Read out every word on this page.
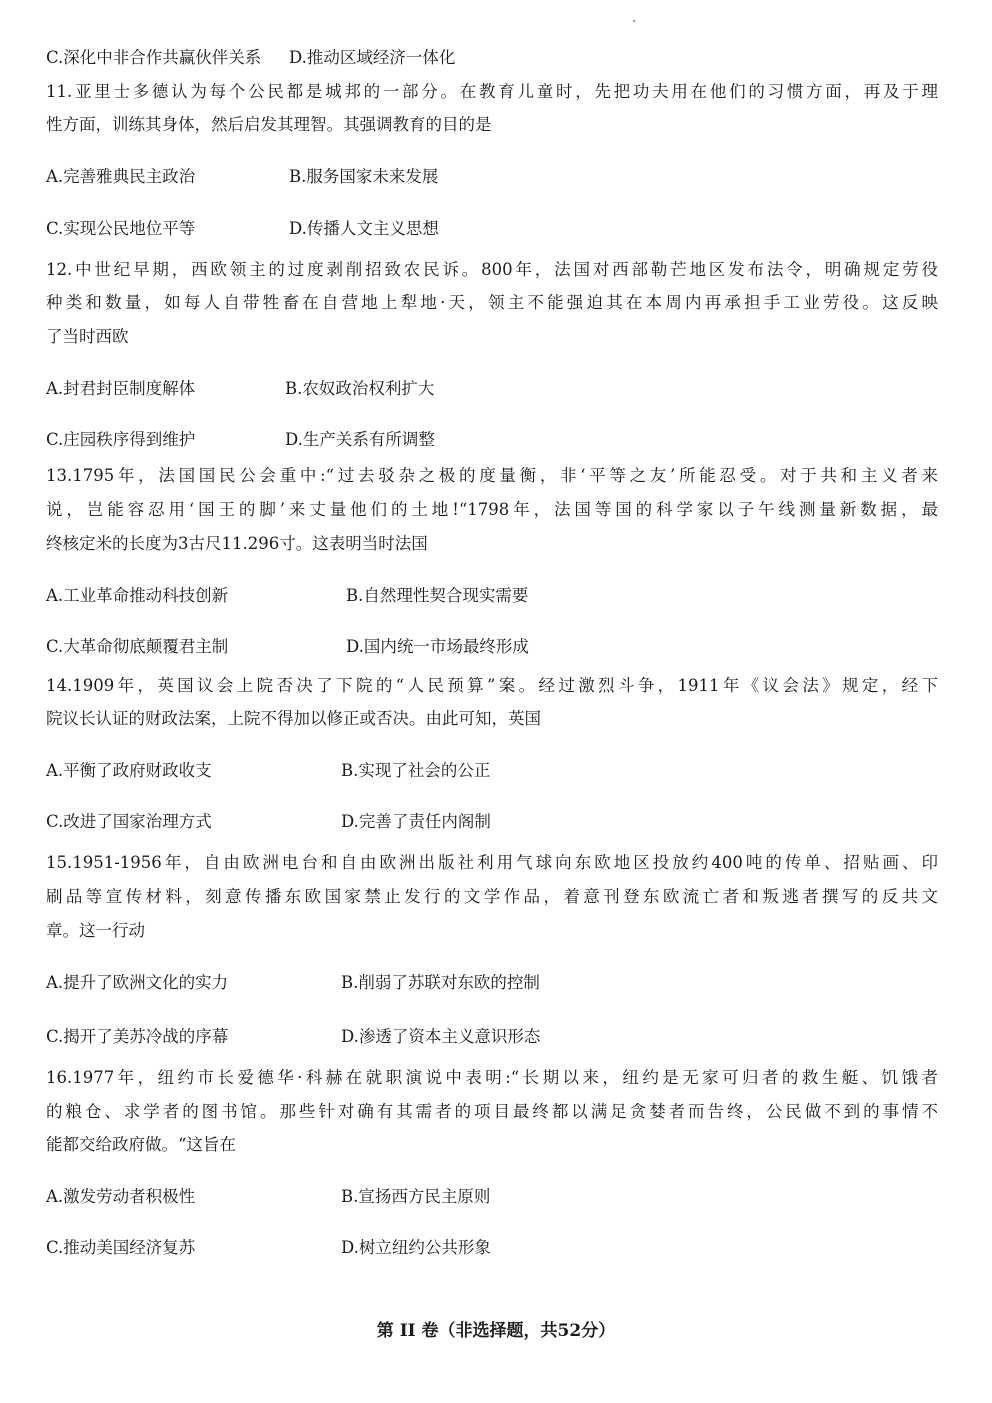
C.深化中非合作共赢伙伴关系 D.推动区域经济一体化
11.亚里士多德认为每个公民都是城邦的一部分。在教育儿童时，先把功夫用在他们的习惯方面，再及于理
性方面，训练其身体，然后启发其理智。其强调教育的目的是
A.完善雅典民主政治	B.服务国家未来发展
C.实现公民地位平等	D.传播人文主义思想
12.中世纪早期，西欧领主的过度剥削招致农民诉。800年，法国对西部勒芒地区发布法令，明确规定劳役
种类和数量，如每人自带牲畜在自营地上犁地·天，领主不能强迫其在本周内再承担手工业劳役。这反映
了当时西欧
A.封君封臣制度解体	B.农奴政治权利扩大
C.庄园秩序得到维护	D.生产关系有所调整
13.1795年，法国国民公会重中:“过去驳杂之极的度量衡，非‘平等之友’所能忍受。对于共和主义者来
说，岂能容忍用‘国王的脚’来丈量他们的土地!“1798年，法国等国的科学家以子午线测量新数据，最
终核定米的长度为3古尺11.296寸。这表明当时法国
A.工业革命推动科技创新	B.自然理性契合现实需要
C.大革命彻底颠覆君主制	D.国内统一市场最终形成
14.1909年，英国议会上院否决了下院的“人民预算”案。经过激烈斗争，1911年《议会法》规定，经下
院议长认证的财政法案，上院不得加以修正或否决。由此可知，英国
A.平衡了政府财政收支	B.实现了社会的公正
C.改进了国家治理方式	D.完善了责任内阁制
15.1951-1956年，自由欧洲电台和自由欧洲出版社利用气球向东欧地区投放约400吨的传单、招贴画、印
刷品等宣传材料，刻意传播东欧国家禁止发行的文学作品，着意刊登东欧流亡者和叛逃者撰写的反共文
章。这一行动
A.提升了欧洲文化的实力	B.削弱了苏联对东欧的控制
C.揭开了美苏冷战的序幕	D.渗透了资本主义意识形态
16.1977年，纽约市长爱德华·科赫在就职演说中表明:“长期以来，纽约是无家可归者的救生艇、饥饿者
的粮仓、求学者的图书馆。那些针对确有其需者的项目最终都以满足贪婪者而告终，公民做不到的事情不
能都交给政府做。“这旨在
A.激发劳动者积极性	B.宣扬西方民主原则
C.推动美国经济复苏	D.树立纽约公共形象
第 II 卷（非选择题，共52分）
